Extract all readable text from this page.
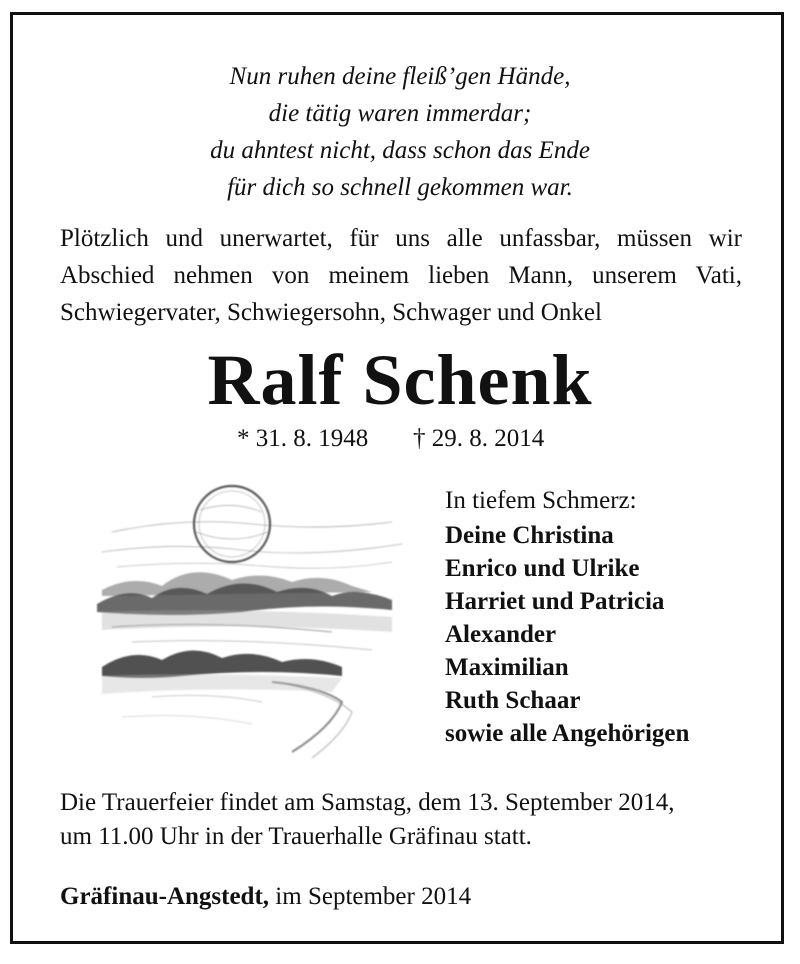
Nun ruhen deine fleiß’gen Hände,
die tätig waren immerdar;
du ahntest nicht, dass schon das Ende
für dich so schnell gekommen war.
Plötzlich und unerwartet, für uns alle unfassbar, müssen wir
Abschied nehmen von meinem lieben Mann, unserem Vati,
Schwiegervater, Schwiegersohn, Schwager und Onkel
Ralf Schenk
* 31. 8. 1948 † 29. 8. 2014
In tiefem Schmerz:
Deine Christina
Enrico und Ulrike
Harriet und Patricia
Alexander
Maximilian
Ruth Schaar
sowie alle Angehörigen
Die Trauerfeier findet am Samstag, dem 13. September 2014,
um 11.00 Uhr in der Trauerhalle Gräfinau statt.
Gräfinau-Angstedt, im September 2014
